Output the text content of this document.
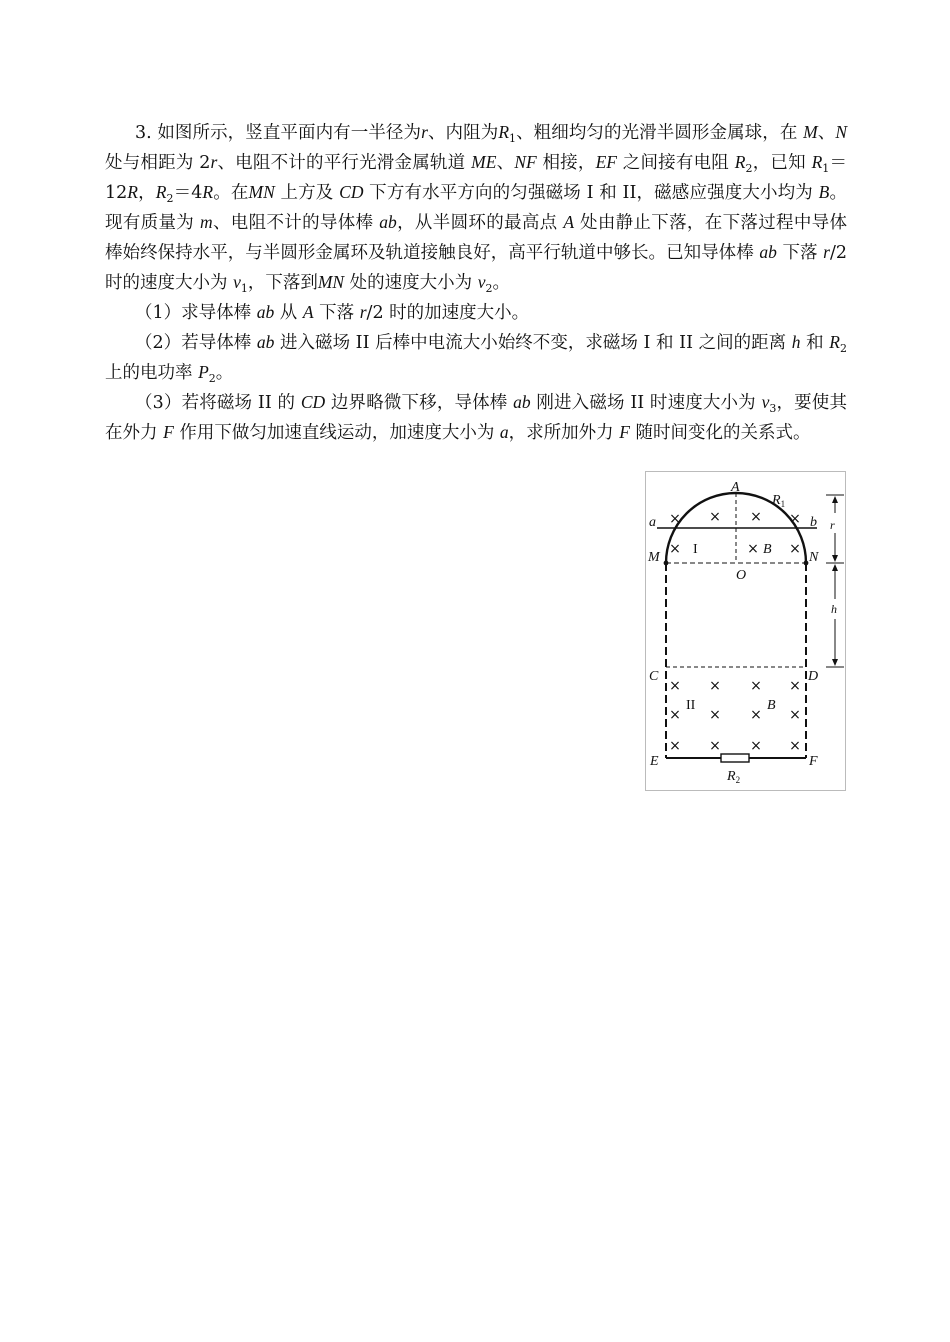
3. 如图所示，竖直平面内有一半径为r、内阻为$R_1$、粗细均匀的光滑半圆形金属球，在 M、N 处与相距为 2r、电阻不计的平行光滑金属轨道 ME、NF 相接，EF 之间接有电阻 $R_2$，已知 $R_1=12R$，$R_2=4R$。在MN 上方及 CD 下方有水平方向的匀强磁场 I 和 II，磁感应强度大小均为 B。现有质量为 m、电阻不计的导体棒 ab，从半圆环的最高点 A 处由静止下落，在下落过程中导体棒始终保持水平，与半圆形金属环及轨道接触良好，高平行轨道中够长。已知导体棒 ab 下落 r/2 时的速度大小为 $v_1$，下落到MN 处的速度大小为 $v_2$。

（1）求导体棒 ab 从 A 下落 r/2 时的加速度大小。

（2）若导体棒 ab 进入磁场 II 后棒中电流大小始终不变，求磁场 I 和 II 之间的距离 h 和 $R_2$ 上的电功率 $P_2$。

（3）若将磁场 II 的 CD 边界略微下移，导体棒 ab 刚进入磁场 II 时速度大小为 $v_3$，要使其在外力 F 作用下做匀加速直线运动，加速度大小为 a，求所加外力 F 随时间变化的关系式。

× × × ×
×	× ×
× × × ×
× × × ×
× × × ×
A
$R_1$
a	b r
M	N
I	B
O
h
C	D
II	B
E	F
$R_2$
